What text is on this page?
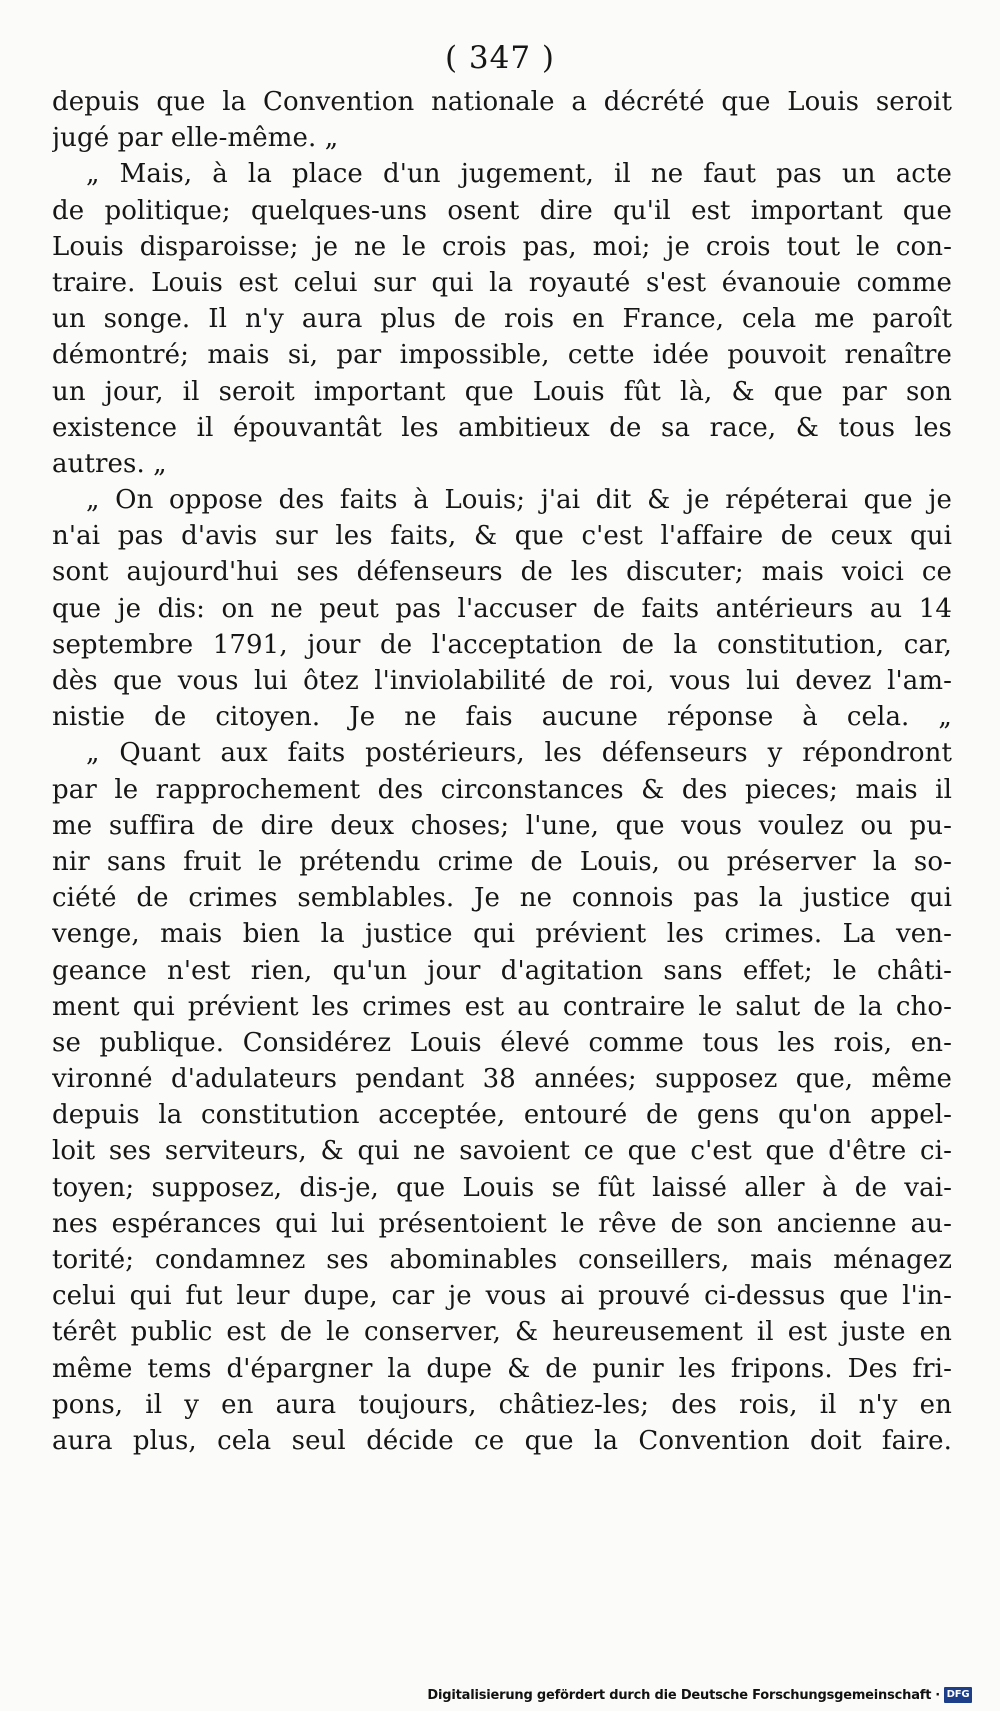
( 347 )
depuis que la Convention nationale a décrété que Louis seroit
jugé par elle-même. „
„ Mais, à la place d'un jugement, il ne faut pas un acte
de politique; quelques-uns osent dire qu'il est important que
Louis disparoisse; je ne le crois pas, moi; je crois tout le con-
traire. Louis est celui sur qui la royauté s'est évanouie comme
un songe. Il n'y aura plus de rois en France, cela me paroît
démontré; mais si, par impossible, cette idée pouvoit renaître
un jour, il seroit important que Louis fût là, & que par son
existence il épouvantât les ambitieux de sa race, & tous les
autres. „
„ On oppose des faits à Louis; j'ai dit & je répéterai que je
n'ai pas d'avis sur les faits, & que c'est l'affaire de ceux qui
sont aujourd'hui ses défenseurs de les discuter; mais voici ce
que je dis: on ne peut pas l'accuser de faits antérieurs au 14
septembre 1791, jour de l'acceptation de la constitution, car,
dès que vous lui ôtez l'inviolabilité de roi, vous lui devez l'am-
nistie de citoyen. Je ne fais aucune réponse à cela. „
„ Quant aux faits postérieurs, les défenseurs y répondront
par le rapprochement des circonstances & des pieces; mais il
me suffira de dire deux choses; l'une, que vous voulez ou pu-
nir sans fruit le prétendu crime de Louis, ou préserver la so-
ciété de crimes semblables. Je ne connois pas la justice qui
venge, mais bien la justice qui prévient les crimes. La ven-
geance n'est rien, qu'un jour d'agitation sans effet; le châti-
ment qui prévient les crimes est au contraire le salut de la cho-
se publique. Considérez Louis élevé comme tous les rois, en-
vironné d'adulateurs pendant 38 années; supposez que, même
depuis la constitution acceptée, entouré de gens qu'on appel-
loit ses serviteurs, & qui ne savoient ce que c'est que d'être ci-
toyen; supposez, dis-je, que Louis se fût laissé aller à de vai-
nes espérances qui lui présentoient le rêve de son ancienne au-
torité; condamnez ses abominables conseillers, mais ménagez
celui qui fut leur dupe, car je vous ai prouvé ci-dessus que l'in-
térêt public est de le conserver, & heureusement il est juste en
même tems d'épargner la dupe & de punir les fripons. Des fri-
pons, il y en aura toujours, châtiez-les; des rois, il n'y en
aura plus, cela seul décide ce que la Convention doit faire.
Digitalisierung gefördert durch die Deutsche Forschungsgemeinschaft · DFG
